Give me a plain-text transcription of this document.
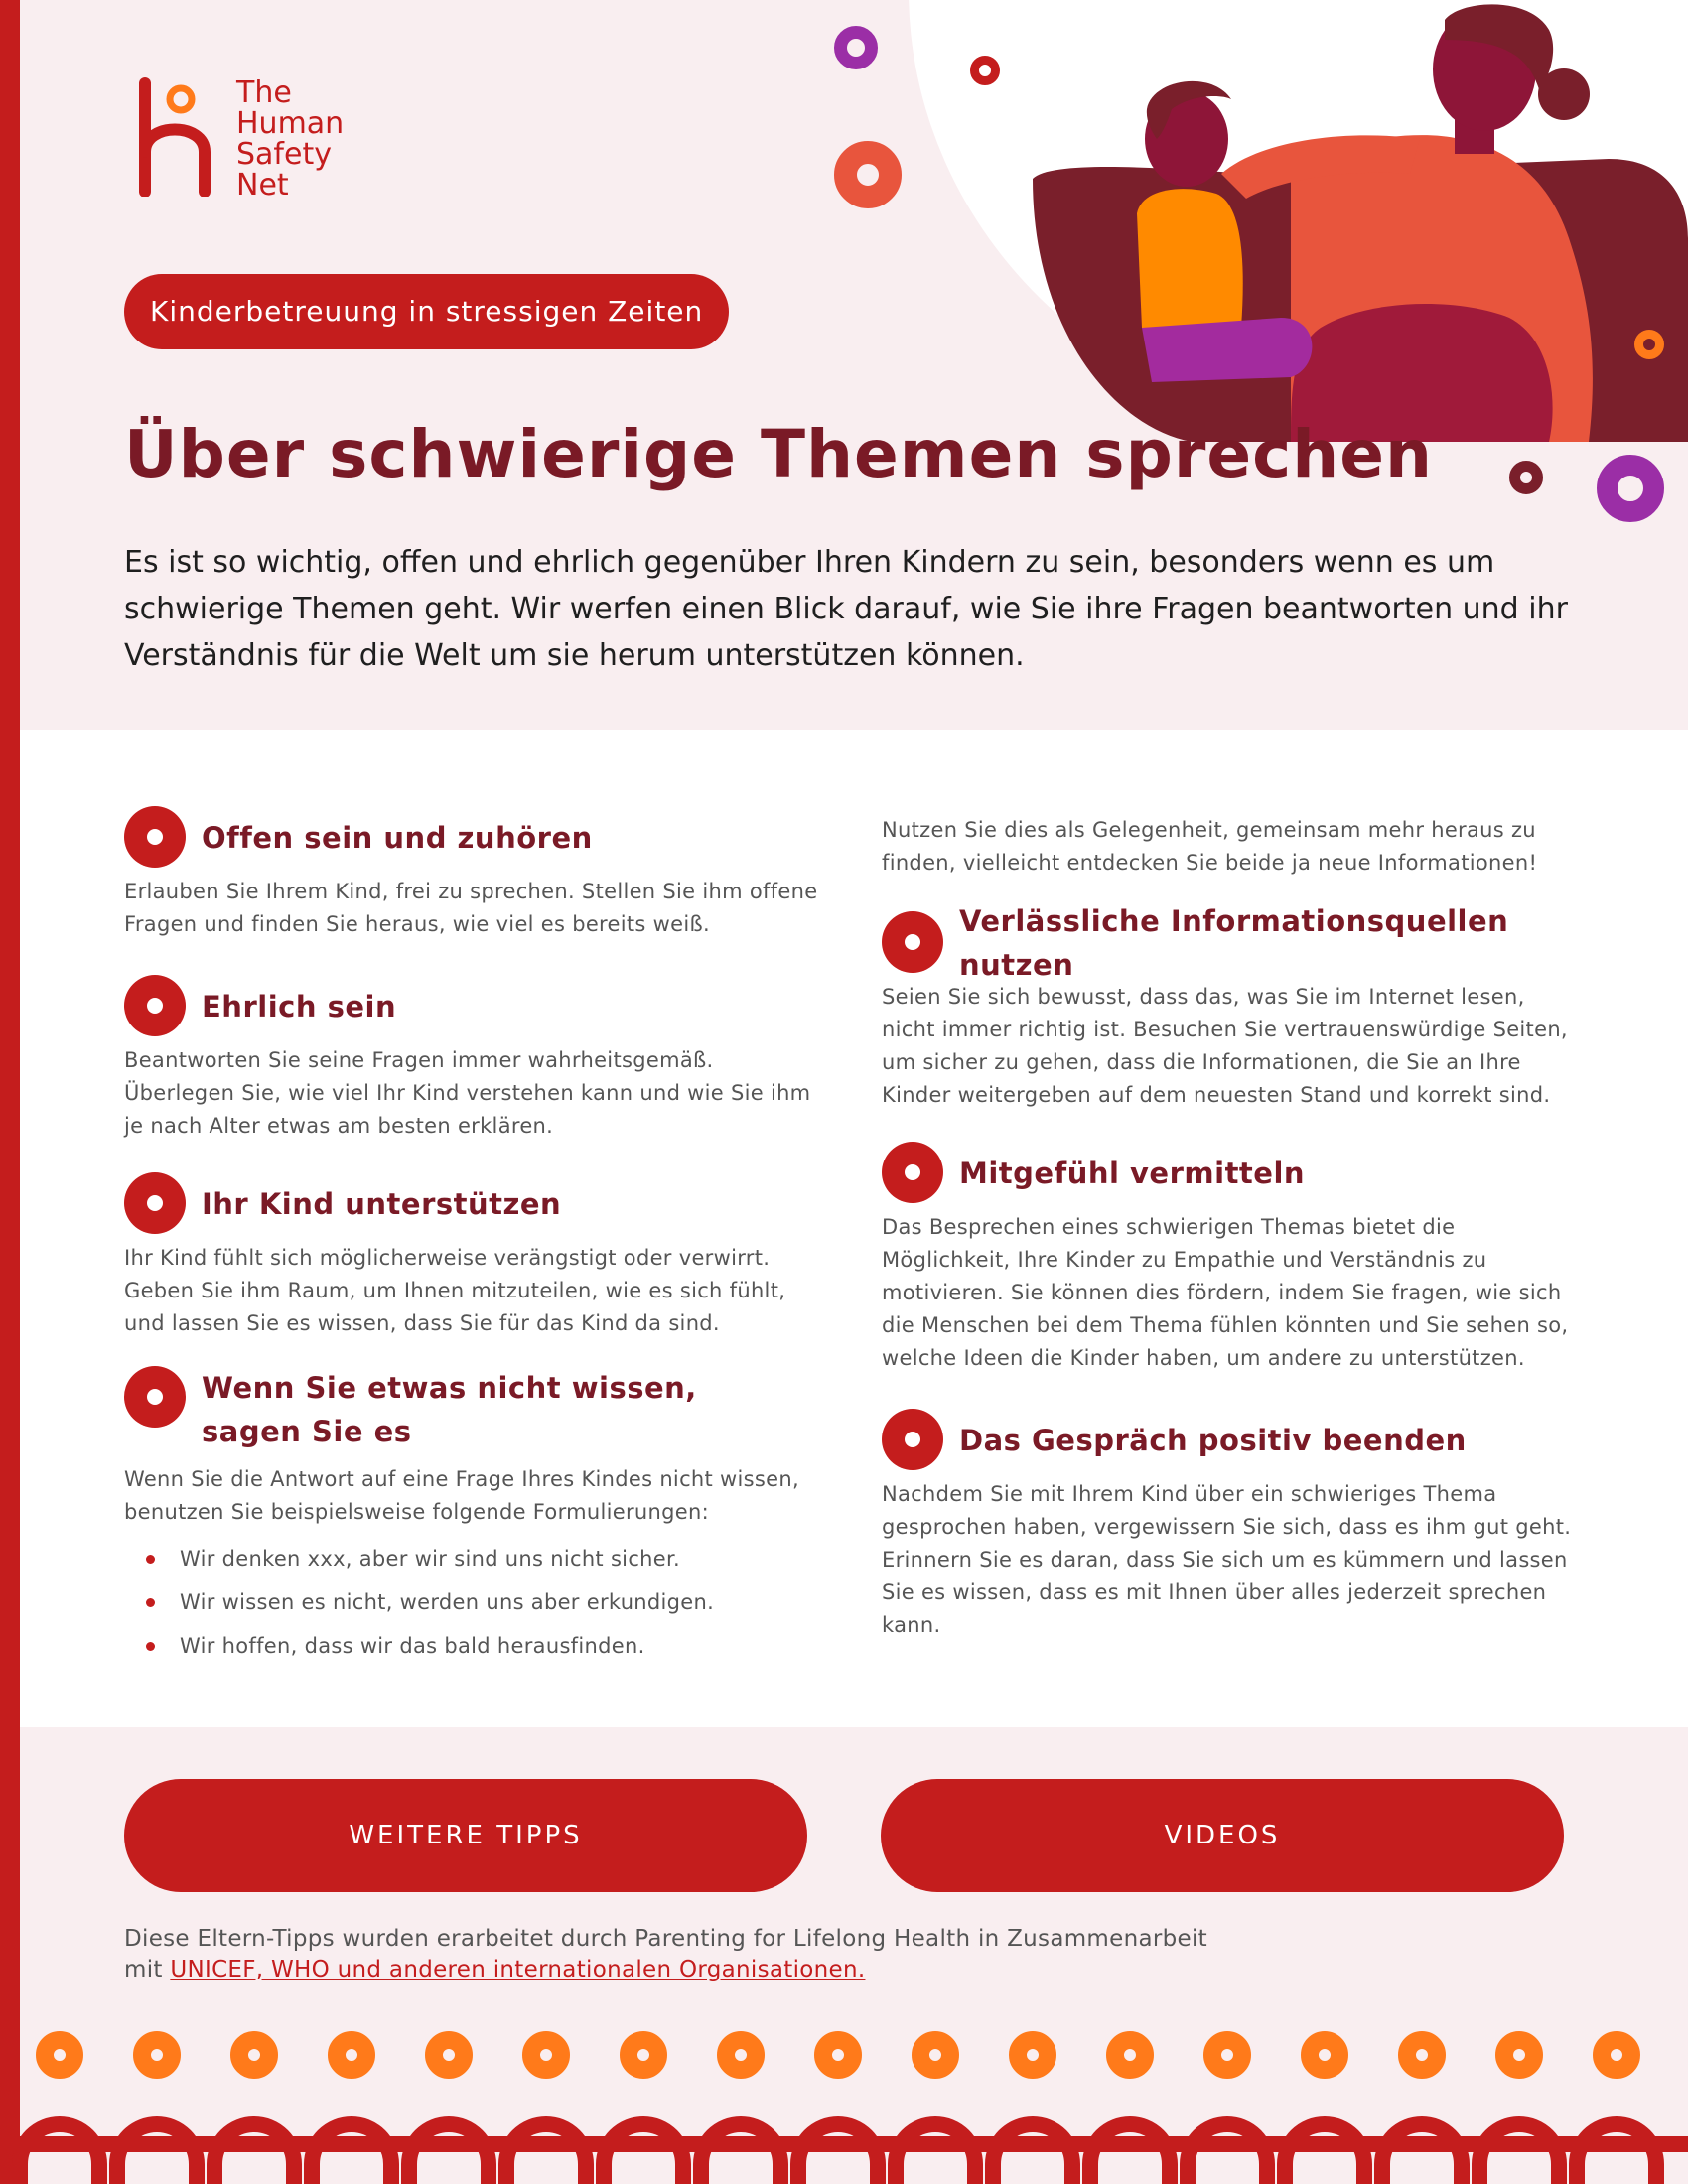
The
Human
Safety
Net
Kinderbetreuung in stressigen Zeiten
Über schwierige Themen sprechen

Es ist so wichtig, offen und ehrlich gegenüber Ihren Kindern zu sein, besonders wenn es um schwierige Themen geht. Wir werfen einen Blick darauf, wie Sie ihre Fragen beantworten und ihr Verständnis für die Welt um sie herum unterstützen können.

Offen sein und zuhören

Erlauben Sie Ihrem Kind, frei zu sprechen. Stellen Sie ihm offene Fragen und finden Sie heraus, wie viel es bereits weiß.

Ehrlich sein

Beantworten Sie seine Fragen immer wahrheitsgemäß. Überlegen Sie, wie viel Ihr Kind verstehen kann und wie Sie ihm je nach Alter etwas am besten erklären.

Ihr Kind unterstützen

Ihr Kind fühlt sich möglicherweise verängstigt oder verwirrt. Geben Sie ihm Raum, um Ihnen mitzuteilen, wie es sich fühlt, und lassen Sie es wissen, dass Sie für das Kind da sind.

Wenn Sie etwas nicht wissen, sagen Sie es

Wenn Sie die Antwort auf eine Frage Ihres Kindes nicht wissen, benutzen Sie beispielsweise folgende Formulierungen:

Wir denken xxx, aber wir sind uns nicht sicher.
Wir wissen es nicht, werden uns aber erkundigen.
Wir hoffen, dass wir das bald herausfinden.

Nutzen Sie dies als Gelegenheit, gemeinsam mehr heraus zu finden, vielleicht entdecken Sie beide ja neue Informationen!

Verlässliche Informationsquellen nutzen

Seien Sie sich bewusst, dass das, was Sie im Internet lesen, nicht immer richtig ist. Besuchen Sie vertrauenswürdige Seiten, um sicher zu gehen, dass die Informationen, die Sie an Ihre Kinder weitergeben auf dem neuesten Stand und korrekt sind.

Mitgefühl vermitteln

Das Besprechen eines schwierigen Themas bietet die Möglichkeit, Ihre Kinder zu Empathie und Verständnis zu motivieren. Sie können dies fördern, indem Sie fragen, wie sich die Menschen bei dem Thema fühlen könnten und Sie sehen so, welche Ideen die Kinder haben, um andere zu unterstützen.

Das Gespräch positiv beenden

Nachdem Sie mit Ihrem Kind über ein schwieriges Thema gesprochen haben, vergewissern Sie sich, dass es ihm gut geht. Erinnern Sie es daran, dass Sie sich um es kümmern und lassen Sie es wissen, dass es mit Ihnen über alles jederzeit sprechen kann.

WEITERE TIPPS	VIDEOS

Diese Eltern-Tipps wurden erarbeitet durch Parenting for Lifelong Health in Zusammenarbeit
mit UNICEF, WHO und anderen internationalen Organisationen.
